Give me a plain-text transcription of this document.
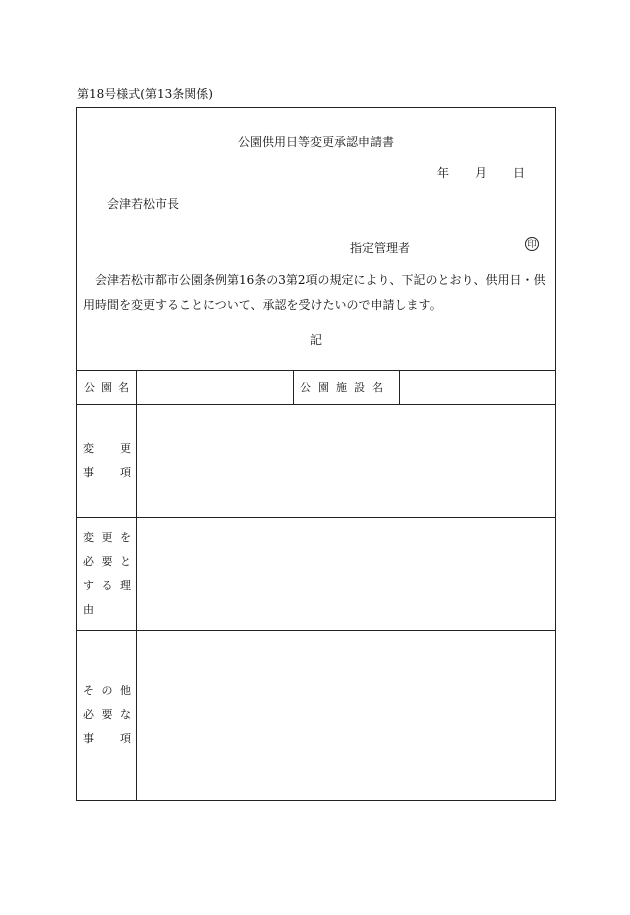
第18号様式(第13条関係)
公園供用日等変更承認申請書
年 月 日
会津若松市長
指定管理者	印
会津若松市都市公園条例第16条の3第2項の規定により、下記のとおり、供用日・供用時間を変更することについて、承認を受けたいので申請します。
記
公園名	公園施設名
変 更
事 項
変 更 を
必 要 と
す る 理
由
そ の 他
必 要 な
事 項
